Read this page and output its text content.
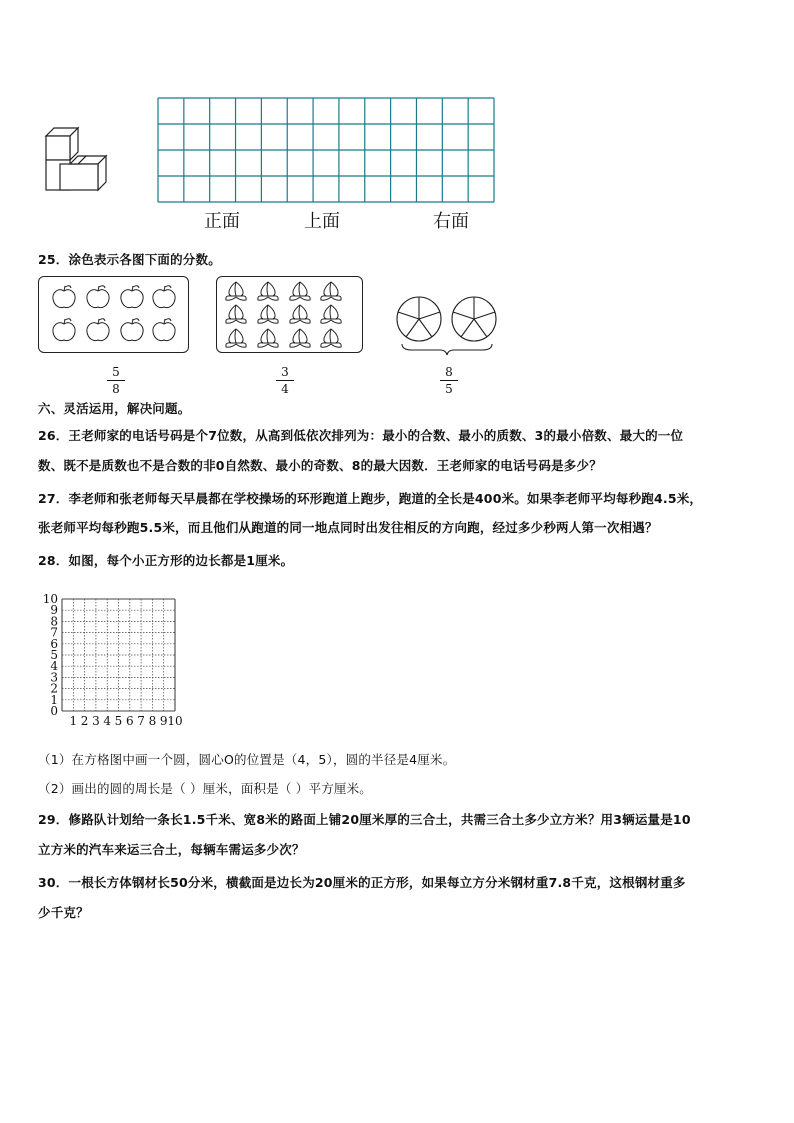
正面	上面	右面
25．涂色表示各图下面的分数。
5
8
3
4
8
5
六、灵活运用，解决问题。
26．王老师家的电话号码是个7位数，从高到低依次排列为：最小的合数、最小的质数、3的最小倍数、最大的一位
数、既不是质数也不是合数的非0自然数、最小的奇数、8的最大因数．王老师家的电话号码是多少？
27．李老师和张老师每天早晨都在学校操场的环形跑道上跑步，跑道的全长是400米。如果李老师平均每秒跑4.5米，
张老师平均每秒跑5.5米，而且他们从跑道的同一地点同时出发往相反的方向跑，经过多少秒两人第一次相遇？
28．如图，每个小正方形的边长都是1厘米。
10
9
8
7
6
5
4
3
2
1
0
1 2 3 4 5 6 7 8 9 10
（1）在方格图中画一个圆，圆心O的位置是（4，5），圆的半径是4厘米。
（2）画出的圆的周长是（ ）厘米，面积是（ ）平方厘米。
29．修路队计划给一条长1.5千米、宽8米的路面上铺20厘米厚的三合土，共需三合土多少立方米？用3辆运量是10
立方米的汽车来运三合土，每辆车需运多少次？
30．一根长方体钢材长50分米，横截面是边长为20厘米的正方形，如果每立方分米钢材重7.8千克，这根钢材重多
少千克？
